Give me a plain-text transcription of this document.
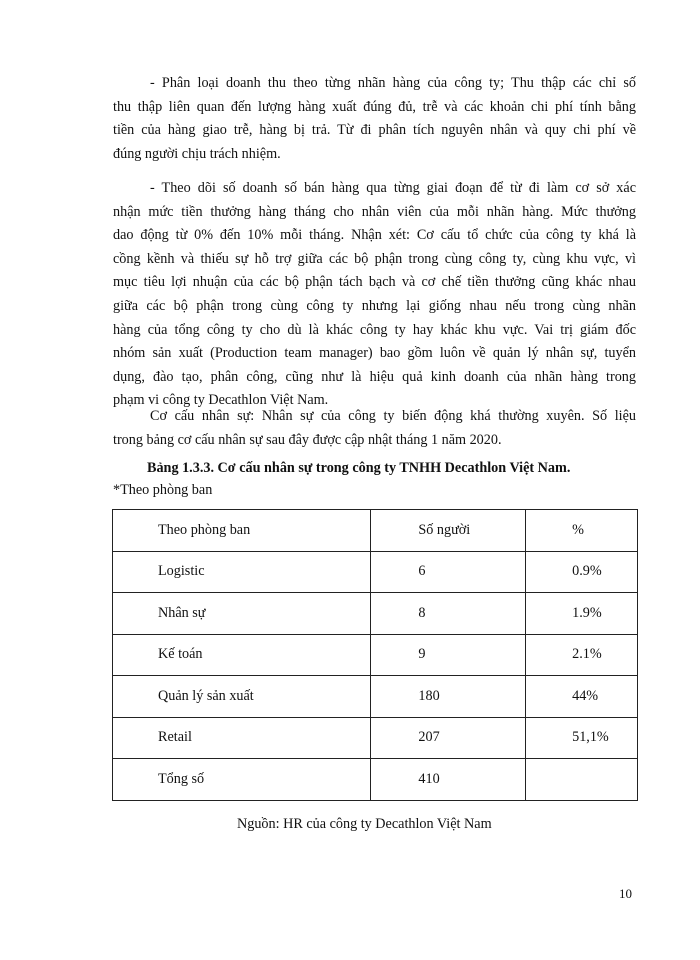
- Phân loại doanh thu theo từng nhãn hàng của công ty; Thu thập các chỉ số
thu thập liên quan đến lượng hàng xuất đúng đủ, trễ và các khoản chi phí tính bằng
tiền của hàng giao trễ, hàng bị trả. Từ đi phân tích nguyên nhân và quy chi phí về
đúng người chịu trách nhiệm.

- Theo dõi số doanh số bán hàng qua từng giai đoạn để từ đi làm cơ sở xác
nhận mức tiền thưởng hàng tháng cho nhân viên của mỗi nhãn hàng. Mức thưởng
dao động từ 0% đến 10% mỗi tháng. Nhận xét: Cơ cấu tổ chức của công ty khá là
cồng kềnh và thiếu sự hỗ trợ giữa các bộ phận trong cùng công ty, cùng khu vực, vì
mục tiêu lợi nhuận của các bộ phận tách bạch và cơ chế tiền thưởng cũng khác nhau
giữa các bộ phận trong cùng công ty nhưng lại giống nhau nếu trong cùng nhãn
hàng của tổng công ty cho dù là khác công ty hay khác khu vực. Vai trị giám đốc
nhóm sản xuất (Production team manager) bao gồm luôn về quản lý nhân sự, tuyển
dụng, đào tạo, phân công, cũng như là hiệu quả kinh doanh của nhãn hàng trong
phạm vi công ty Decathlon Việt Nam.

Cơ cấu nhân sự: Nhân sự của công ty biến động khá thường xuyên. Số liệu
trong bảng cơ cấu nhân sự sau đây được cập nhật tháng 1 năm 2020.

Bảng 1.3.3. Cơ cấu nhân sự trong công ty TNHH Decathlon Việt Nam.

*Theo phòng ban

Theo phòng ban	Số người	%
Logistic	6	0.9%
Nhân sự	8	1.9%
Kế toán	9	2.1%
Quản lý sản xuất	180	44%
Retail	207	51,1%
Tổng số	410	

Nguồn: HR của công ty Decathlon Việt Nam

10
